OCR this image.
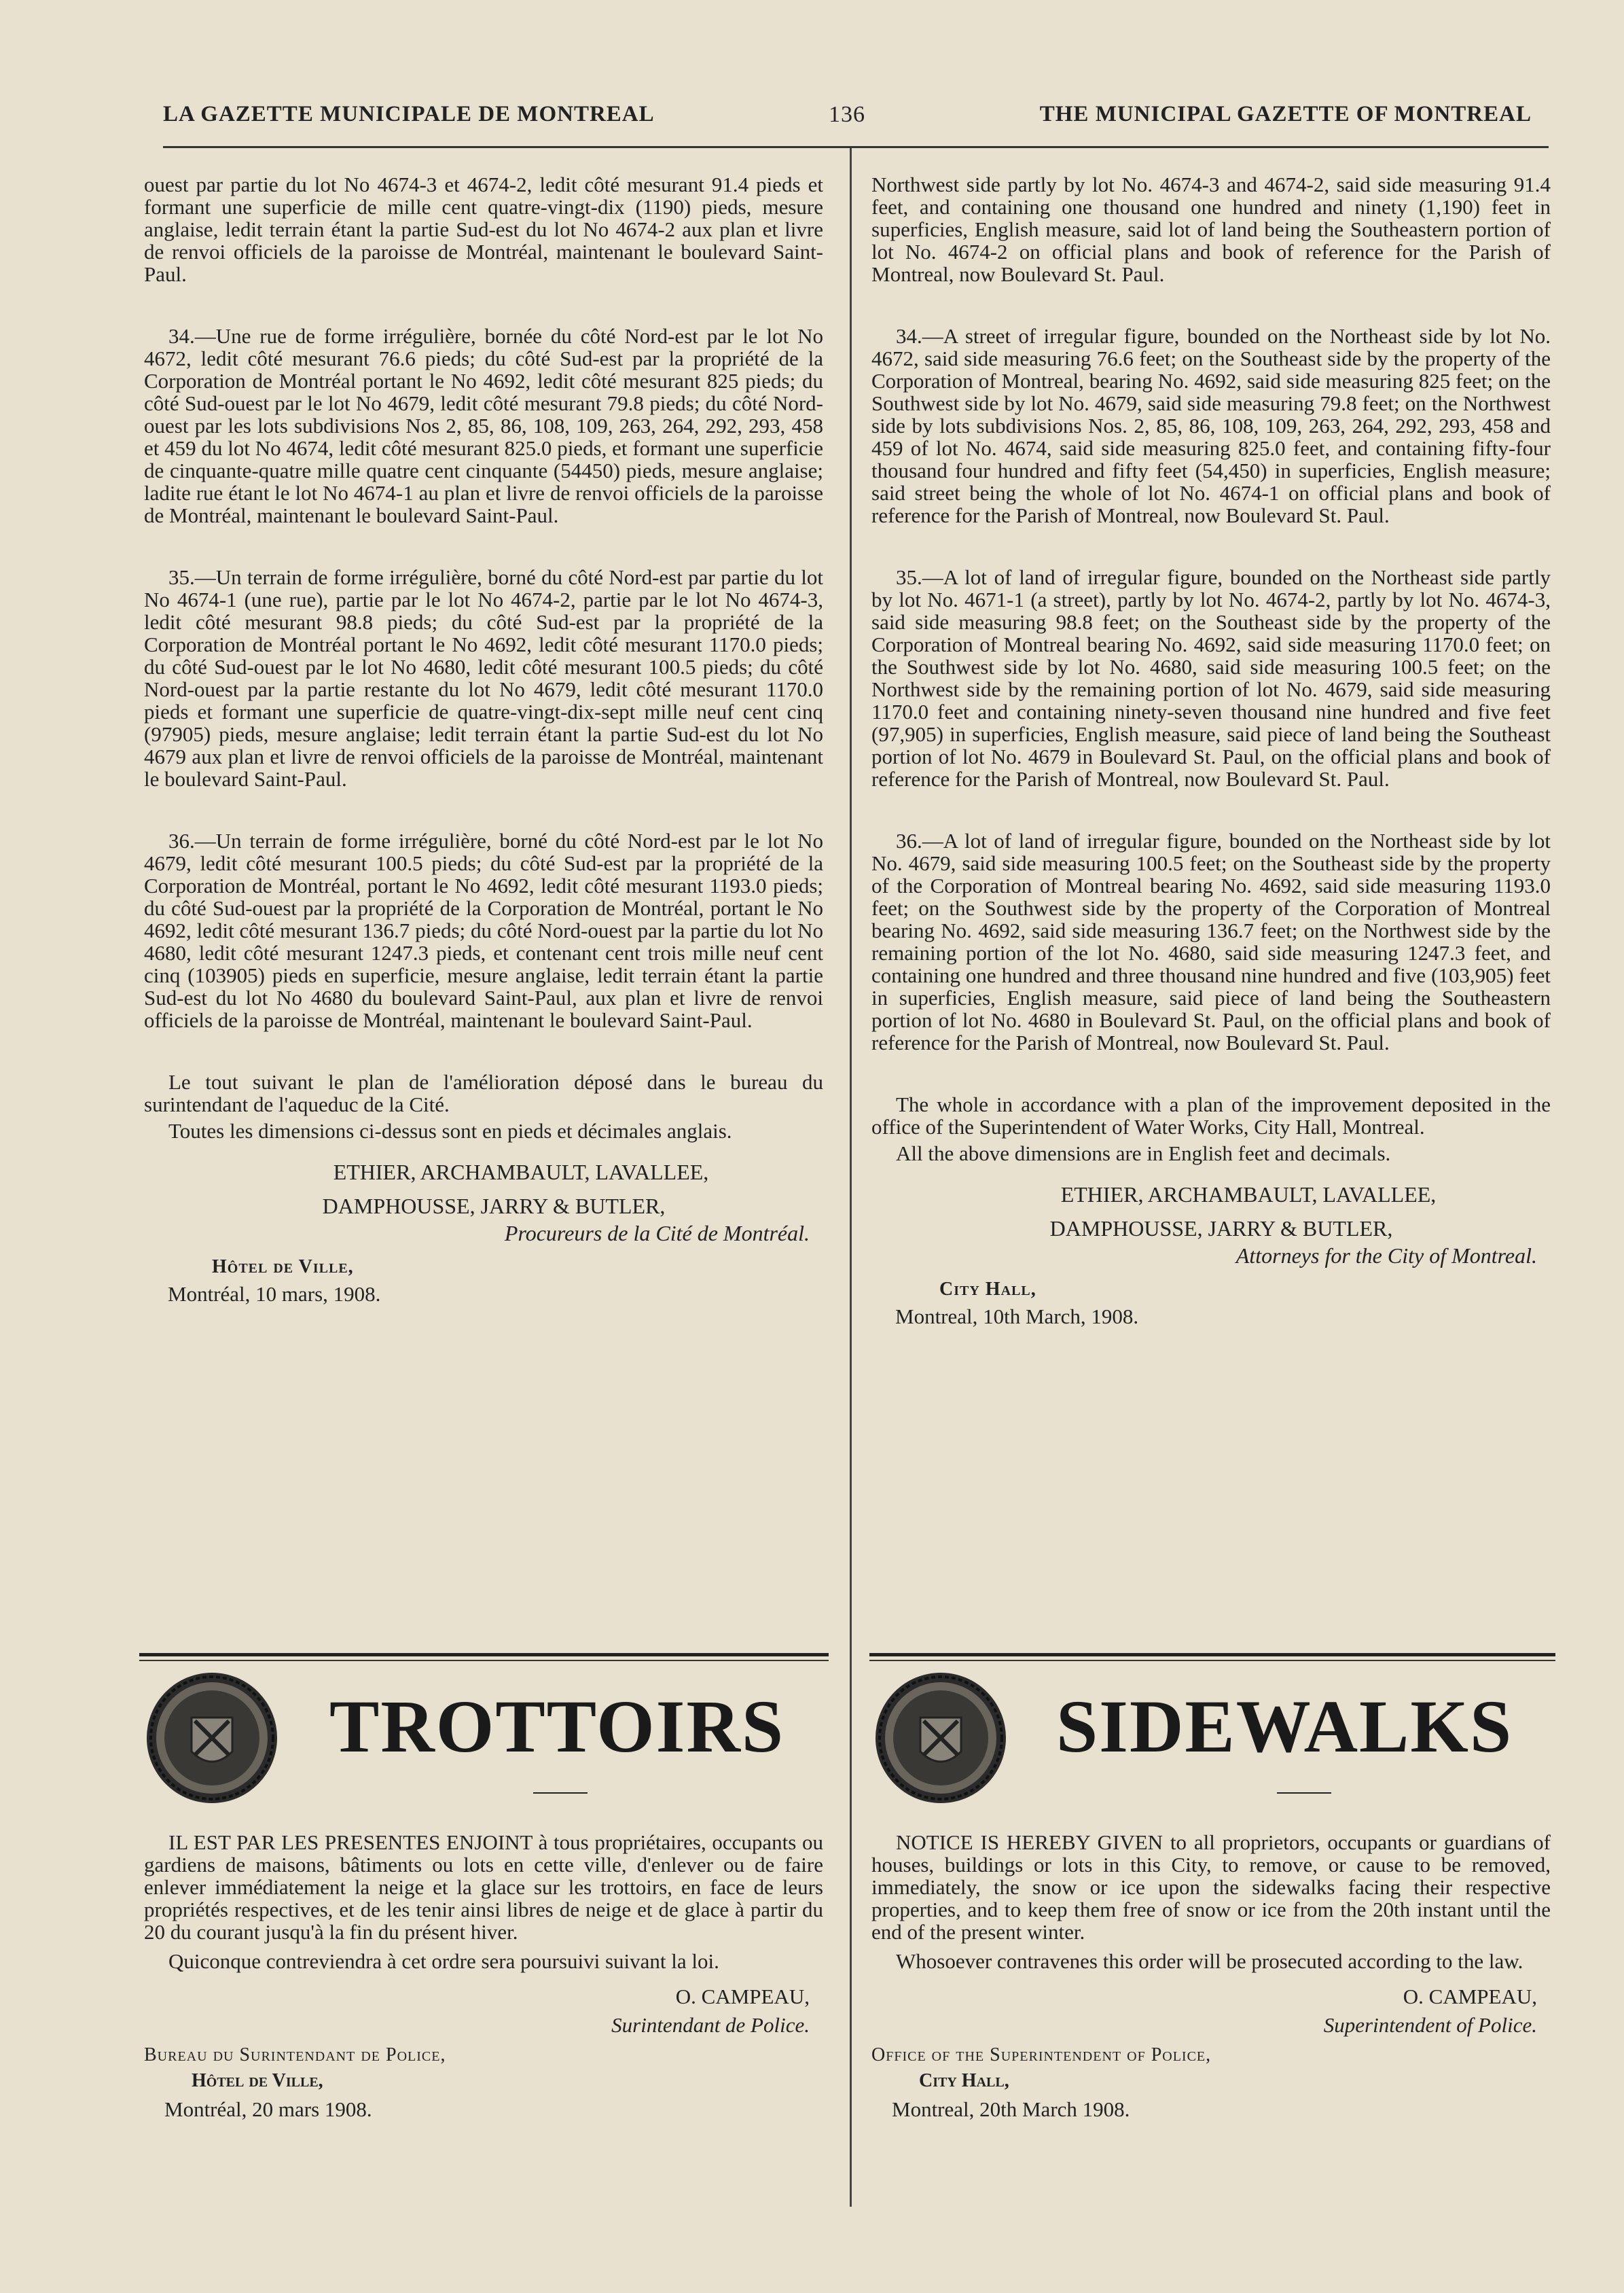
LA GAZETTE MUNICIPALE DE MONTREAL	136	THE MUNICIPAL GAZETTE OF MONTREAL

ouest par partie du lot No 4674-3 et 4674-2, ledit côté mesurant 91.4 pieds et formant une superficie de mille cent quatre-vingt-dix (1190) pieds, mesure anglaise, ledit terrain étant la partie Sud-est du lot No 4674-2 aux plan et livre de renvoi officiels de la paroisse de Montréal, maintenant le boulevard Saint-Paul.

34.—Une rue de forme irrégulière, bornée du côté Nord-est par le lot No 4672, ledit côté mesurant 76.6 pieds; du côté Sud-est par la propriété de la Corporation de Montréal portant le No 4692, ledit côté mesurant 825 pieds; du côté Sud-ouest par le lot No 4679, ledit côté mesurant 79.8 pieds; du côté Nord-ouest par les lots subdivisions Nos 2, 85, 86, 108, 109, 263, 264, 292, 293, 458 et 459 du lot No 4674, ledit côté mesurant 825.0 pieds, et formant une superficie de cinquante-quatre mille quatre cent cinquante (54450) pieds, mesure anglaise; ladite rue étant le lot No 4674-1 au plan et livre de renvoi officiels de la paroisse de Montréal, maintenant le boulevard Saint-Paul.

35.—Un terrain de forme irrégulière, borné du côté Nord-est par partie du lot No 4674-1 (une rue), partie par le lot No 4674-2, partie par le lot No 4674-3, ledit côté mesurant 98.8 pieds; du côté Sud-est par la propriété de la Corporation de Montréal portant le No 4692, ledit côté mesurant 1170.0 pieds; du côté Sud-ouest par le lot No 4680, ledit côté mesurant 100.5 pieds; du côté Nord-ouest par la partie restante du lot No 4679, ledit côté mesurant 1170.0 pieds et formant une superficie de quatre-vingt-dix-sept mille neuf cent cinq (97905) pieds, mesure anglaise; ledit terrain étant la partie Sud-est du lot No 4679 aux plan et livre de renvoi officiels de la paroisse de Montréal, maintenant le boulevard Saint-Paul.

36.—Un terrain de forme irrégulière, borné du côté Nord-est par le lot No 4679, ledit côté mesurant 100.5 pieds; du côté Sud-est par la propriété de la Corporation de Montréal, portant le No 4692, ledit côté mesurant 1193.0 pieds; du côté Sud-ouest par la propriété de la Corporation de Montréal, portant le No 4692, ledit côté mesurant 136.7 pieds; du côté Nord-ouest par la partie du lot No 4680, ledit côté mesurant 1247.3 pieds, et contenant cent trois mille neuf cent cinq (103905) pieds en superficie, mesure anglaise, ledit terrain étant la partie Sud-est du lot No 4680 du boulevard Saint-Paul, aux plan et livre de renvoi officiels de la paroisse de Montréal, maintenant le boulevard Saint-Paul.

Le tout suivant le plan de l'amélioration déposé dans le bureau du surintendant de l'aqueduc de la Cité.

Toutes les dimensions ci-dessus sont en pieds et décimales anglais.

ETHIER, ARCHAMBAULT, LAVALLEE,
DAMPHOUSSE, JARRY & BUTLER,
Procureurs de la Cité de Montréal.
Hôtel de Ville,
Montréal, 10 mars, 1908.

Northwest side partly by lot No. 4674-3 and 4674-2, said side measuring 91.4 feet, and containing one thousand one hundred and ninety (1,190) feet in superficies, English measure, said lot of land being the Southeastern portion of lot No. 4674-2 on official plans and book of reference for the Parish of Montreal, now Boulevard St. Paul.

34.—A street of irregular figure, bounded on the Northeast side by lot No. 4672, said side measuring 76.6 feet; on the Southeast side by the property of the Corporation of Montreal, bearing No. 4692, said side measuring 825 feet; on the Southwest side by lot No. 4679, said side measuring 79.8 feet; on the Northwest side by lots subdivisions Nos. 2, 85, 86, 108, 109, 263, 264, 292, 293, 458 and 459 of lot No. 4674, said side measuring 825.0 feet, and containing fifty-four thousand four hundred and fifty feet (54,450) in superficies, English measure; said street being the whole of lot No. 4674-1 on official plans and book of reference for the Parish of Montreal, now Boulevard St. Paul.

35.—A lot of land of irregular figure, bounded on the Northeast side partly by lot No. 4671-1 (a street), partly by lot No. 4674-2, partly by lot No. 4674-3, said side measuring 98.8 feet; on the Southeast side by the property of the Corporation of Montreal bearing No. 4692, said side measuring 1170.0 feet; on the Southwest side by lot No. 4680, said side measuring 100.5 feet; on the Northwest side by the remaining portion of lot No. 4679, said side measuring 1170.0 feet and containing ninety-seven thousand nine hundred and five feet (97,905) in superficies, English measure, said piece of land being the Southeast portion of lot No. 4679 in Boulevard St. Paul, on the official plans and book of reference for the Parish of Montreal, now Boulevard St. Paul.

36.—A lot of land of irregular figure, bounded on the Northeast side by lot No. 4679, said side measuring 100.5 feet; on the Southeast side by the property of the Corporation of Montreal bearing No. 4692, said side measuring 1193.0 feet; on the Southwest side by the property of the Corporation of Montreal bearing No. 4692, said side measuring 136.7 feet; on the Northwest side by the remaining portion of the lot No. 4680, said side measuring 1247.3 feet, and containing one hundred and three thousand nine hundred and five (103,905) feet in superficies, English measure, said piece of land being the Southeastern portion of lot No. 4680 in Boulevard St. Paul, on the official plans and book of reference for the Parish of Montreal, now Boulevard St. Paul.

The whole in accordance with a plan of the improvement deposited in the office of the Superintendent of Water Works, City Hall, Montreal.

All the above dimensions are in English feet and decimals.

ETHIER, ARCHAMBAULT, LAVALLEE,
DAMPHOUSSE, JARRY & BUTLER,
Attorneys for the City of Montreal.
City Hall,
Montreal, 10th March, 1908.
TROTTOIRS	SIDEWALKS

IL EST PAR LES PRESENTES ENJOINT à tous propriétaires, occupants ou gardiens de maisons, bâtiments ou lots en cette ville, d'enlever ou de faire enlever immédiatement la neige et la glace sur les trottoirs, en face de leurs propriétés respectives, et de les tenir ainsi libres de neige et de glace à partir du 20 du courant jusqu'à la fin du présent hiver.

Quiconque contreviendra à cet ordre sera poursuivi suivant la loi.

O. CAMPEAU,
Surintendant de Police.
Bureau du Surintendant de Police,
Hôtel de Ville,
Montréal, 20 mars 1908.

NOTICE IS HEREBY GIVEN to all proprietors, occupants or guardians of houses, buildings or lots in this City, to remove, or cause to be removed, immediately, the snow or ice upon the sidewalks facing their respective properties, and to keep them free of snow or ice from the 20th instant until the end of the present winter.

Whosoever contravenes this order will be prosecuted according to the law.

O. CAMPEAU,
Superintendent of Police.
Office of the Superintendent of Police,
City Hall,
Montreal, 20th March 1908.
